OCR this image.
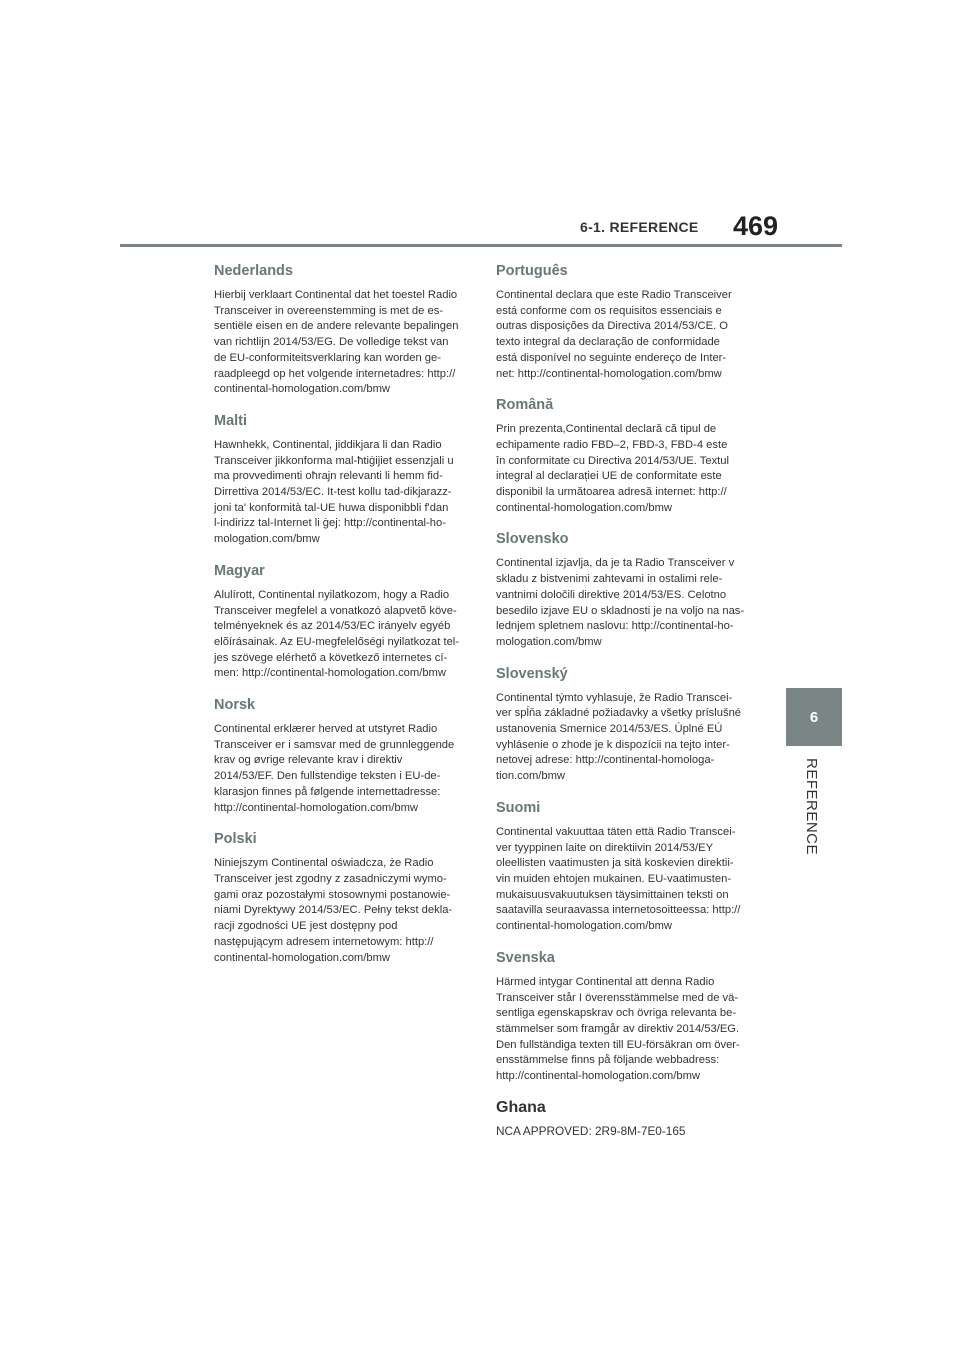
6-1. REFERENCE 469
6
REFERENCE
Nederlands

Hierbij verklaart Continental dat het toestel Radio
Transceiver in overeenstemming is met de es-
sentiële eisen en de andere relevante bepalingen
van richtlijn 2014/53/EG. De volledige tekst van
de EU-conformiteitsverklaring kan worden ge-
raadpleegd op het volgende internetadres: http://
continental-homologation.com/bmw

Malti

Hawnhekk, Continental, jiddikjara li dan Radio
Transceiver jikkonforma mal-ħtiġijiet essenzjali u
ma provvedimenti oħrajn relevanti li hemm fid-
Dirrettiva 2014/53/EC. It-test kollu tad-dikjarazz-
joni ta' konformità tal-UE huwa disponibbli f'dan
l-indirizz tal-Internet li ġej: http://continental-ho-
mologation.com/bmw

Magyar

Alulírott, Continental nyilatkozom, hogy a Radio
Transceiver megfelel a vonatkozó alapvetõ köve-
telményeknek és az 2014/53/EC irányelv egyéb
elõírásainak. Az EU-megfelelőségi nyilatkozat tel-
jes szövege elérhető a következő internetes cí-
men: http://continental-homologation.com/bmw

Norsk

Continental erklærer herved at utstyret Radio
Transceiver er i samsvar med de grunnleggende
krav og øvrige relevante krav i direktiv
2014/53/EF. Den fullstendige teksten i EU-de-
klarasjon finnes på følgende internettadresse:
http://continental-homologation.com/bmw

Polski

Niniejszym Continental oświadcza, że Radio
Transceiver jest zgodny z zasadniczymi wymo-
gami oraz pozostałymi stosownymi postanowie-
niami Dyrektywy 2014/53/EC. Pełny tekst dekla-
racji zgodności UE jest dostępny pod
następującym adresem internetowym: http://
continental-homologation.com/bmw

Português

Continental declara que este Radio Transceiver
está conforme com os requisitos essenciais e
outras disposições da Directiva 2014/53/CE. O
texto integral da declaração de conformidade
está disponível no seguinte endereço de Inter-
net: http://continental-homologation.com/bmw

Română

Prin prezenta,Continental declară că tipul de
echipamente radio FBD–2, FBD-3, FBD-4 este
în conformitate cu Directiva 2014/53/UE. Textul
integral al declarației UE de conformitate este
disponibil la următoarea adresă internet: http://
continental-homologation.com/bmw

Slovensko

Continental izjavlja, da je ta Radio Transceiver v
skladu z bistvenimi zahtevami in ostalimi rele-
vantnimi določili direktive 2014/53/ES. Celotno
besedilo izjave EU o skladnosti je na voljo na nas-
lednjem spletnem naslovu: http://continental-ho-
mologation.com/bmw

Slovenský

Continental týmto vyhlasuje, že Radio Transcei-
ver spĺňa základné požiadavky a všetky príslušné
ustanovenia Smernice 2014/53/ES. Úplné EÚ
vyhlásenie o zhode je k dispozícii na tejto inter-
netovej adrese: http://continental-homologa-
tion.com/bmw

Suomi

Continental vakuuttaa täten että Radio Transcei-
ver tyyppinen laite on direktiivin 2014/53/EY
oleellisten vaatimusten ja sitä koskevien direktii-
vin muiden ehtojen mukainen. EU-vaatimusten-
mukaisuusvakuutuksen täysimittainen teksti on
saatavilla seuraavassa internetosoitteessa: http://
continental-homologation.com/bmw

Svenska

Härmed intygar Continental att denna Radio
Transceiver står I överensstämmelse med de vä-
sentliga egenskapskrav och övriga relevanta be-
stämmelser som framgår av direktiv 2014/53/EG.
Den fullständiga texten till EU-försäkran om över-
ensstämmelse finns på följande webbadress:
http://continental-homologation.com/bmw

Ghana

NCA APPROVED: 2R9-8M-7E0-165
